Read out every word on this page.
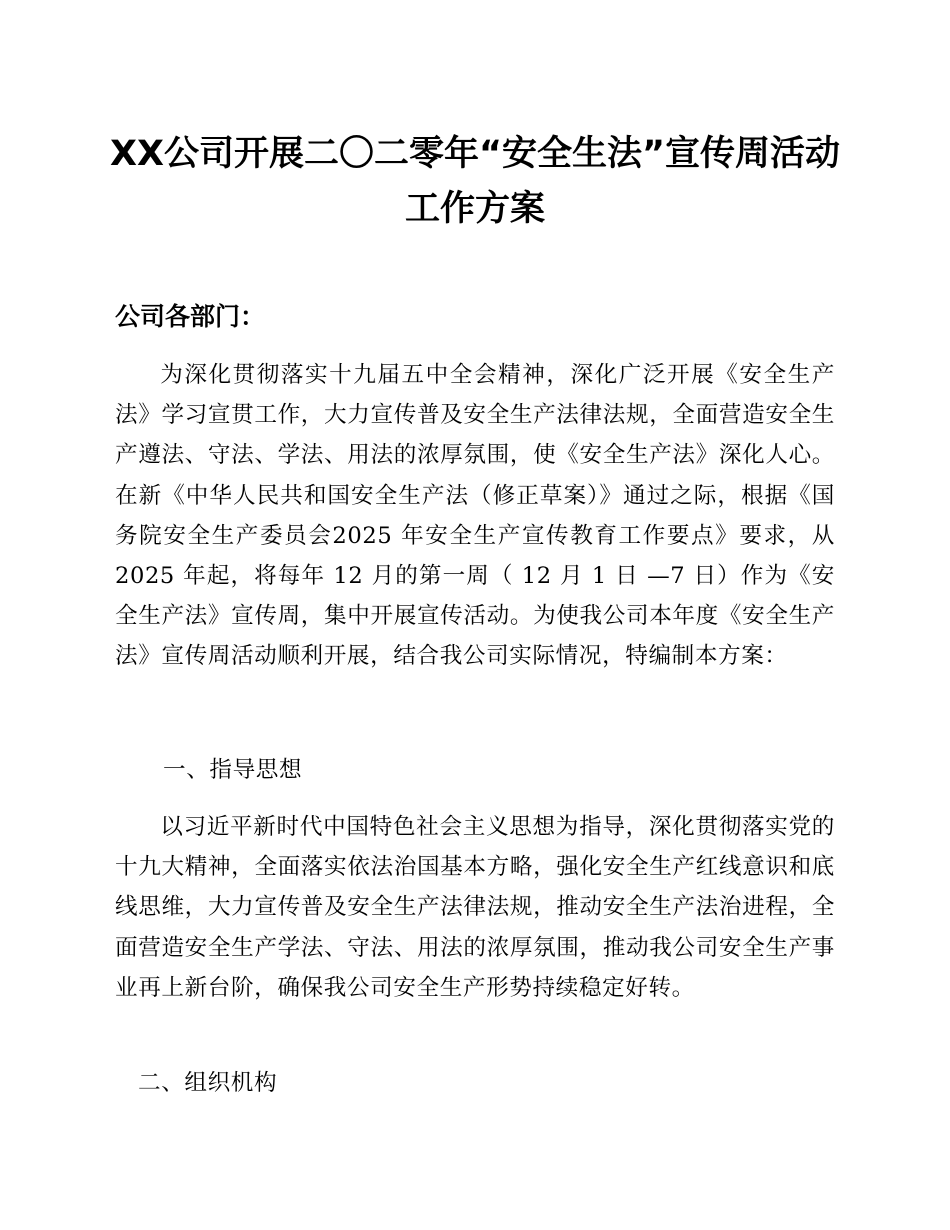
XX公司开展二〇二零年“安全生法”宣传周活动
工作方案
公司各部门：
为深化贯彻落实十九届五中全会精神，深化广泛开展《安全生产法》学习宣贯工作，大力宣传普及安全生产法律法规，全面营造安全生产遵法、守法、学法、用法的浓厚氛围，使《安全生产法》深化人心。在新《中华人民共和国安全生产法（修正草案）》通过之际，根据《国务院安全生产委员会2025 年安全生产宣传教育工作要点》要求，从2025 年起，将每年 12 月的第一周（ 12 月 1 日 —7 日）作为《安全生产法》宣传周，集中开展宣传活动。为使我公司本年度《安全生产法》宣传周活动顺利开展，结合我公司实际情况，特编制本方案：
一、指导思想
以习近平新时代中国特色社会主义思想为指导，深化贯彻落实党的十九大精神，全面落实依法治国基本方略，强化安全生产红线意识和底线思维，大力宣传普及安全生产法律法规，推动安全生产法治进程，全面营造安全生产学法、守法、用法的浓厚氛围，推动我公司安全生产事业再上新台阶，确保我公司安全生产形势持续稳定好转。
二、组织机构
